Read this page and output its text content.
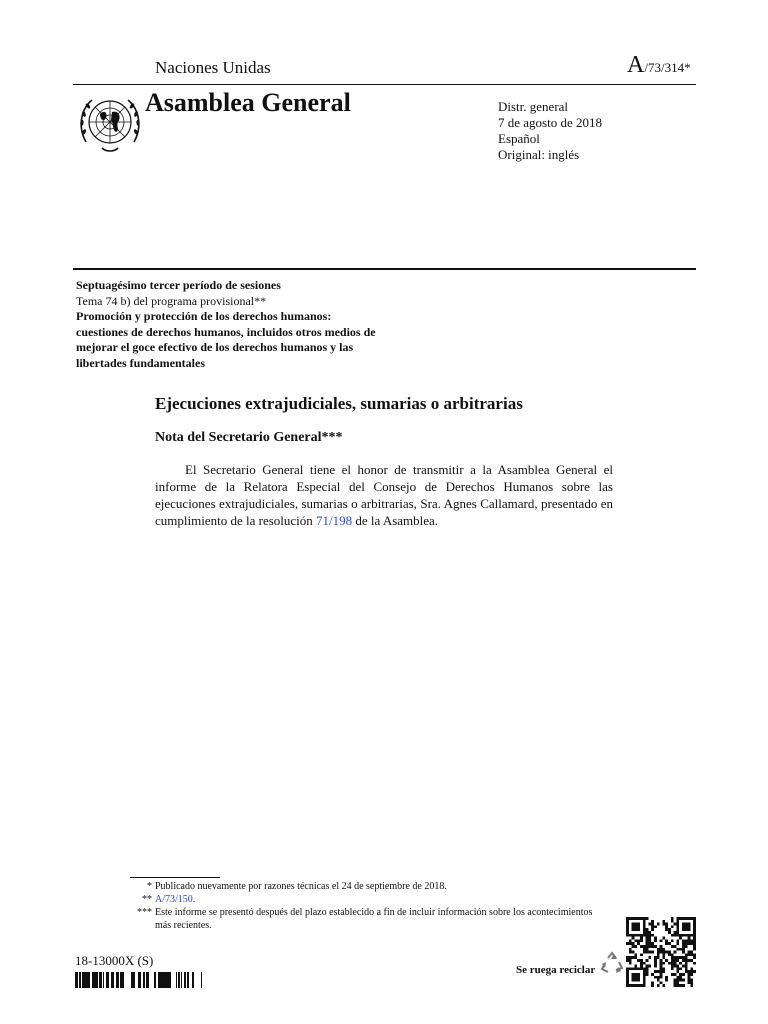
Naciones Unidas	A/73/314*
Asamblea General	Distr. general
7 de agosto de 2018
Español
Original: inglés
Septuagésimo tercer período de sesiones
Tema 74 b) del programa provisional**
Promoción y protección de los derechos humanos: cuestiones de derechos humanos, incluidos otros medios de mejorar el goce efectivo de los derechos humanos y las libertades fundamentales
Ejecuciones extrajudiciales, sumarias o arbitrarias
Nota del Secretario General***
El Secretario General tiene el honor de transmitir a la Asamblea General el informe de la Relatora Especial del Consejo de Derechos Humanos sobre las ejecuciones extrajudiciales, sumarias o arbitrarias, Sra. Agnes Callamard, presentado en cumplimiento de la resolución 71/198 de la Asamblea.
* Publicado nuevamente por razones técnicas el 24 de septiembre de 2018.
** A/73/150.
*** Este informe se presentó después del plazo establecido a fin de incluir información sobre los acontecimientos más recientes.
18-13000X (S)
Se ruega reciclar
